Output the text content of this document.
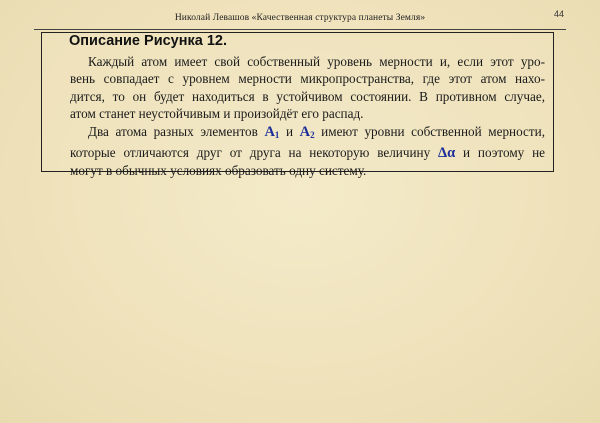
Николай Левашов «Качественная структура планеты Земля»	44
Описание Рисунка 12.

Каждый атом имеет свой собственный уровень мерности и, если этот уро-
вень совпадает с уровнем мерности микропространства, где этот атом нахо-
дится, то он будет находиться в устойчивом состоянии. В противном случае,
атом станет неустойчивым и произойдёт его распад.

Два атома разных элементов $A_1$ и $A_2$ имеют уровни собственной мерности,
которые отличаются друг от друга на некоторую величину Δα и поэтому не
могут в обычных условиях образовать одну систему.
